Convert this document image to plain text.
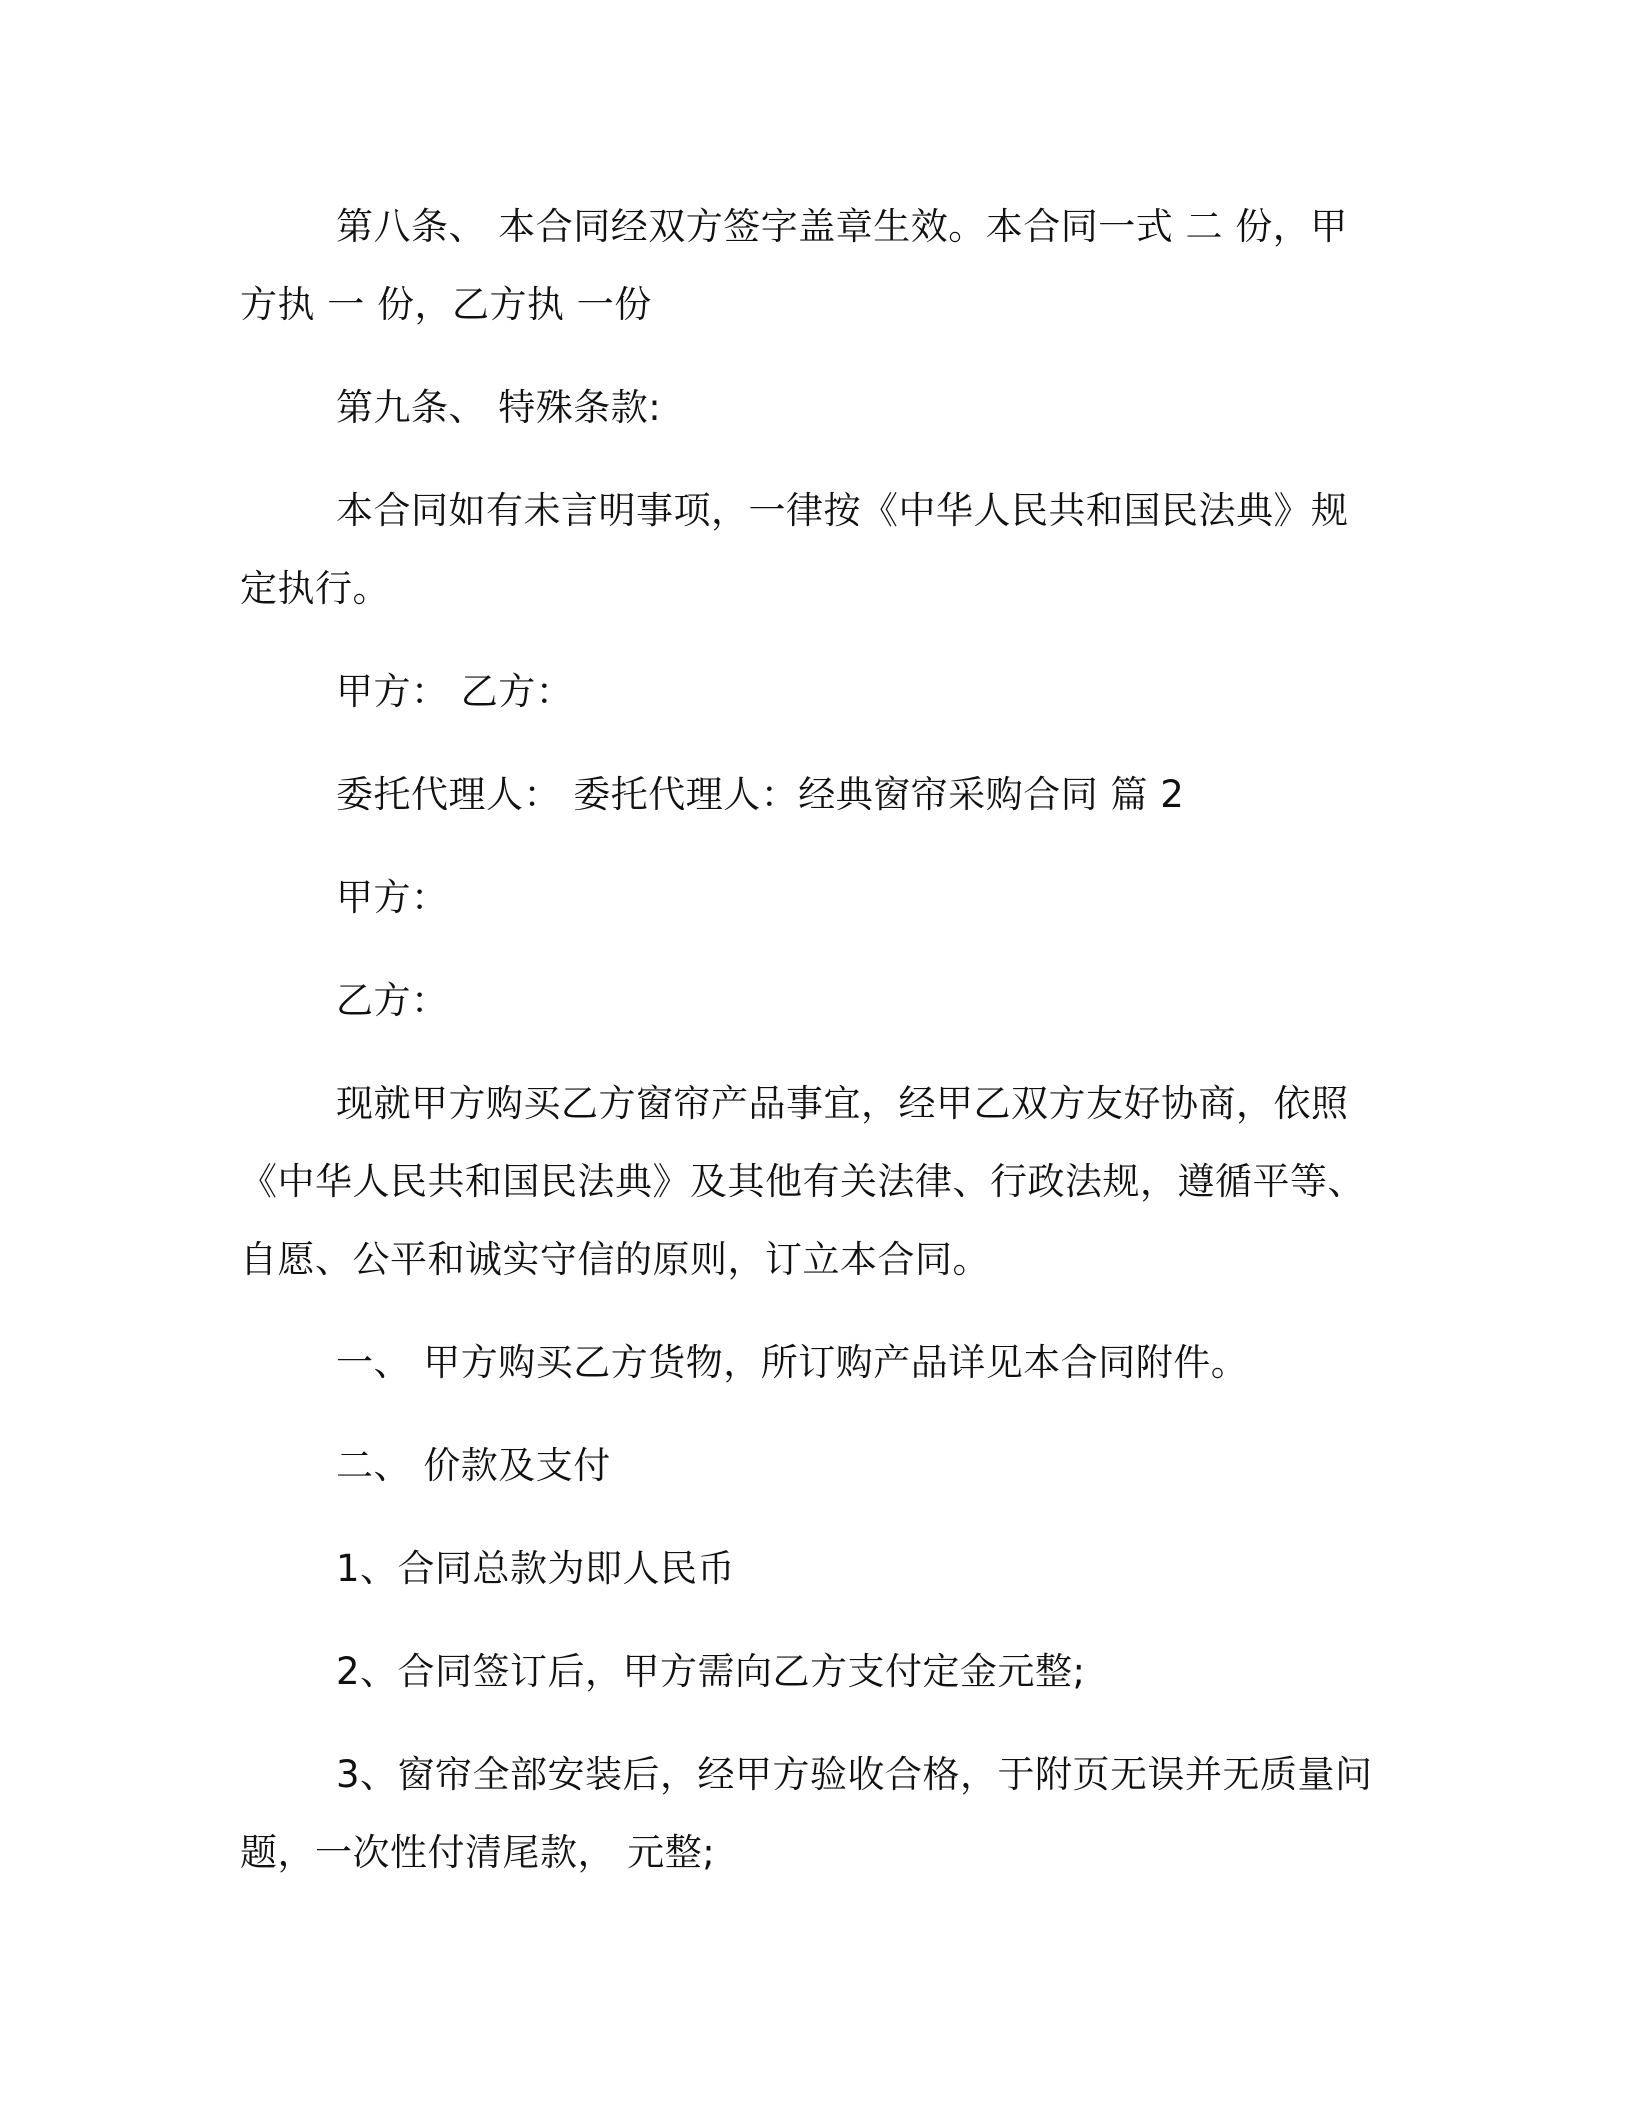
第八条、 本合同经双方签字盖章生效。本合同一式 二 份，甲方执 一 份，乙方执 一份

第九条、 特殊条款:

本合同如有未言明事项，一律按《中华人民共和国民法典》规定执行。

甲方： 乙方：

委托代理人： 委托代理人：经典窗帘采购合同 篇 2

甲方：

乙方：

现就甲方购买乙方窗帘产品事宜，经甲乙双方友好协商，依照《中华人民共和国民法典》及其他有关法律、行政法规，遵循平等、自愿、公平和诚实守信的原则，订立本合同。

一、 甲方购买乙方货物，所订购产品详见本合同附件。

二、 价款及支付

1、合同总款为即人民币

2、合同签订后，甲方需向乙方支付定金元整;

3、窗帘全部安装后，经甲方验收合格，于附页无误并无质量问题，一次性付清尾款， 元整;
